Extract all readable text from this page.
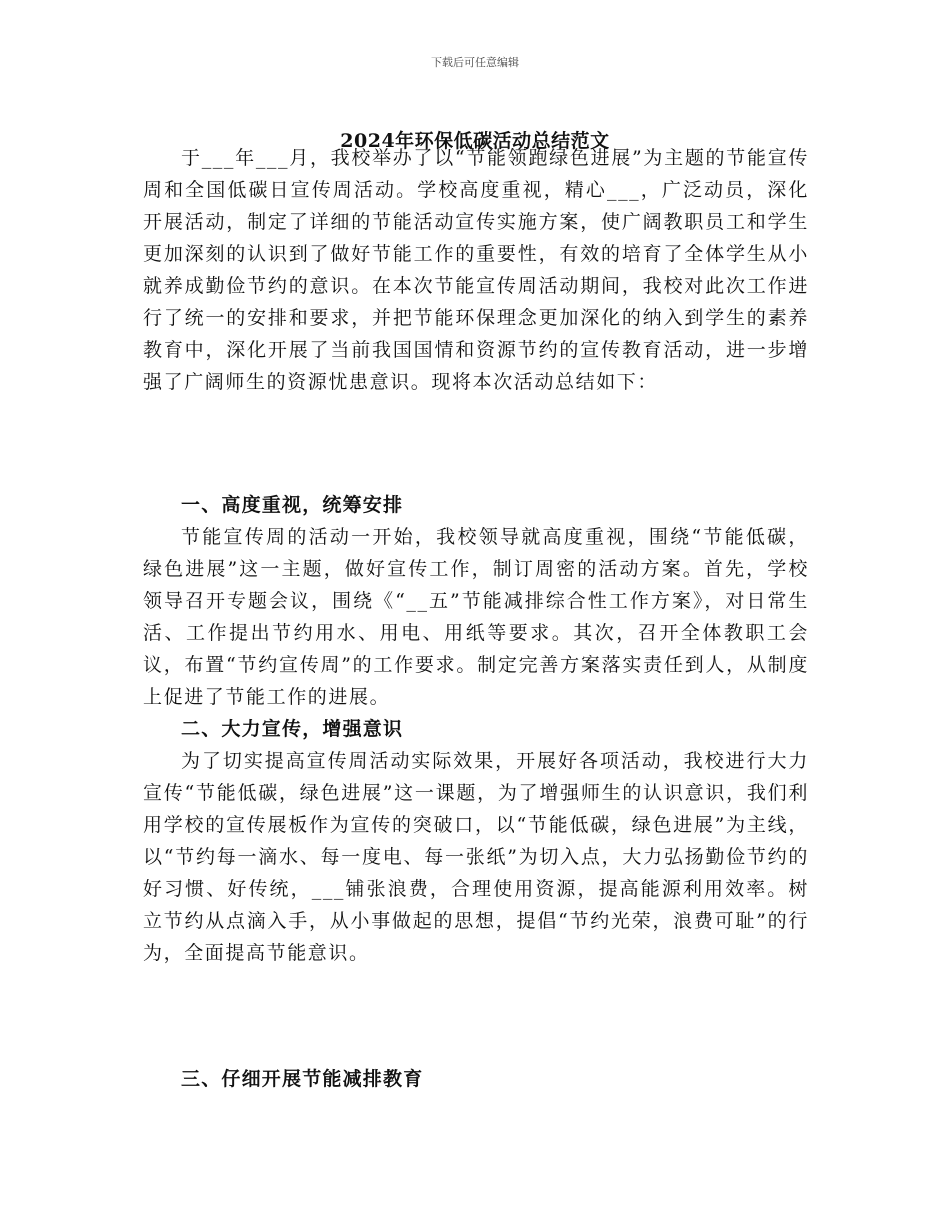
下载后可任意编辑
2024年环保低碳活动总结范文

于___年___月，我校举办了以“节能领跑绿色进展”为主题的节能宣传周和全国低碳日宣传周活动。学校高度重视，精心___，广泛动员，深化开展活动，制定了详细的节能活动宣传实施方案，使广阔教职员工和学生更加深刻的认识到了做好节能工作的重要性，有效的培育了全体学生从小就养成勤俭节约的意识。在本次节能宣传周活动期间，我校对此次工作进行了统一的安排和要求，并把节能环保理念更加深化的纳入到学生的素养教育中，深化开展了当前我国国情和资源节约的宣传教育活动，进一步增强了广阔师生的资源忧患意识。现将本次活动总结如下：

一、高度重视，统筹安排

节能宣传周的活动一开始，我校领导就高度重视，围绕“节能低碳，绿色进展”这一主题，做好宣传工作，制订周密的活动方案。首先，学校领导召开专题会议，围绕《“__五”节能减排综合性工作方案》，对日常生活、工作提出节约用水、用电、用纸等要求。其次，召开全体教职工会议，布置“节约宣传周”的工作要求。制定完善方案落实责任到人，从制度上促进了节能工作的进展。

二、大力宣传，增强意识

为了切实提高宣传周活动实际效果，开展好各项活动，我校进行大力宣传“节能低碳，绿色进展”这一课题，为了增强师生的认识意识，我们利用学校的宣传展板作为宣传的突破口，以“节能低碳，绿色进展”为主线，以“节约每一滴水、每一度电、每一张纸”为切入点，大力弘扬勤俭节约的好习惯、好传统，___铺张浪费，合理使用资源，提高能源利用效率。树立节约从点滴入手，从小事做起的思想，提倡“节约光荣，浪费可耻”的行为，全面提高节能意识。

三、仔细开展节能减排教育
